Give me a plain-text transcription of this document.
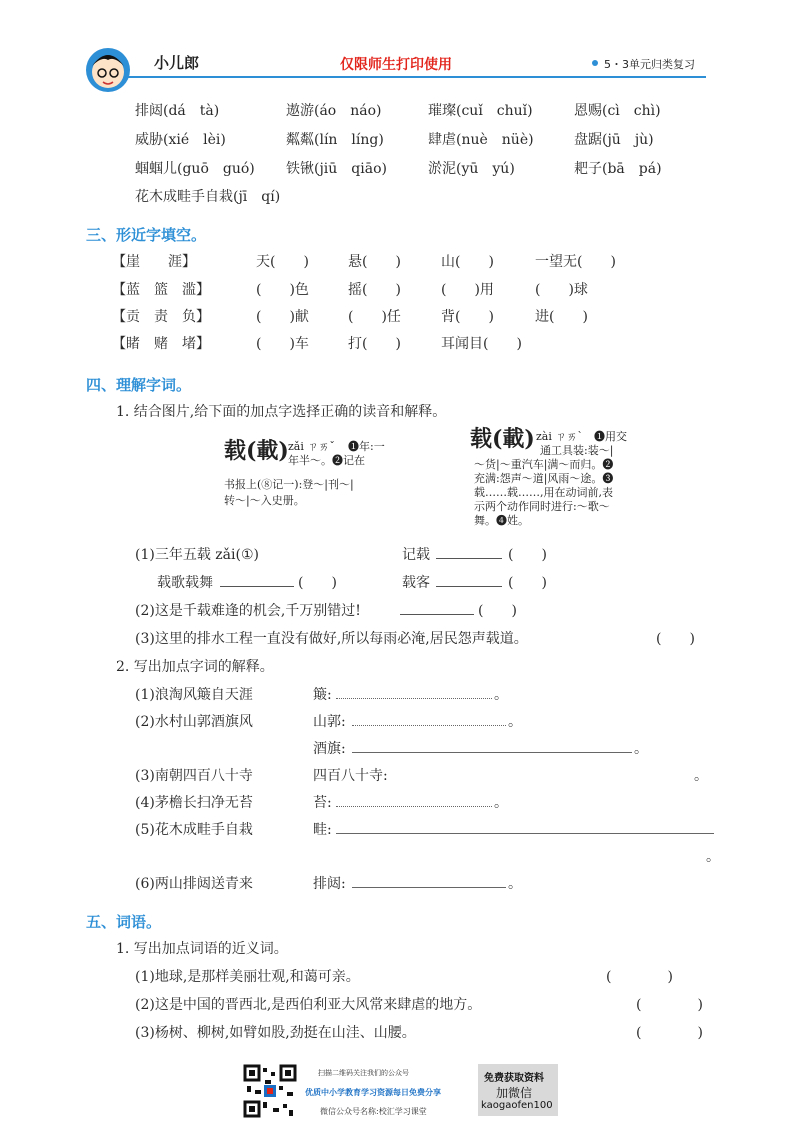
小儿郎	仅限师生打印使用	5・3单元归类复习
排闼(dá　tà)	遨游(áo　náo)	璀璨(cuǐ　chuǐ)	恩赐(cì　chì)
威胁(xié　lèi)	粼粼(lín　líng)	肆虐(nuè　nüè)	盘踞(jū　jù)
蝈蝈儿(guō　guó) 铁锹(jiū　qiāo)	淤泥(yū　yú)	耙子(bā　pá)
花木成畦手自栽(jī　qí)
三、形近字填空。
【崖　　涯】	天(　　)	悬(　　)	山(　　)	一望无(　　)
【蓝　篮　滥】	(　　)色	摇(　　)	(　　)用	(　　)球
【贡　责　负】	(　　)献	(　　)任	背(　　)	进(　　)
【睹　赌　堵】	(　　)车	打(　　)	耳闻目(　　)
四、理解字词。
1. 结合图片,给下面的加点字选择正确的读音和解释。
载(載) zǎi ㄗㄞˇ ❶年:一
年半～。❷记在
书报上(⑧记一):登～|刊～|
转～|～入史册。
载(載) zài ㄗㄞˋ ❶用交
通工具装:装～|
～货|～重汽车|满～而归。❷
充满:怨声～道|风雨～途。❸
载……载……,用在动词前,表
示两个动作同时进行:～歌～
舞。❹姓。
(1)三年五载 zǎi(①)	记载	(　　)
载歌载舞	(　　)	载客	(　　)
(2)这是千载难逢的机会,千万别错过!	(　　)
(3)这里的排水工程一直没有做好,所以每雨必淹,居民怨声载道。	(　　)
2. 写出加点字词的解释。
(1)浪淘风簸自天涯	簸:	。
(2)水村山郭酒旗风	山郭:	。
酒旗:	。
(3)南朝四百八十寺	四百八十寺:	。
(4)茅檐长扫净无苔	苔:	。
(5)花木成畦手自栽	畦:
。
(6)两山排闼送青来	排闼:	。
五、词语。
1. 写出加点词语的近义词。
(1)地球,是那样美丽壮观,和蔼可亲。	(　　　　)
(2)这是中国的晋西北,是西伯利亚大风常来肆虐的地方。	(　　　　)
(3)杨树、柳树,如臂如股,劲挺在山洼、山腰。	(　　　　)
扫描二维码关注我们的公众号
优质中小学教育学习资源每日免费分享
微信公众号名称:校汇学习课堂
免费获取资料
加微信
kaogaofen100
